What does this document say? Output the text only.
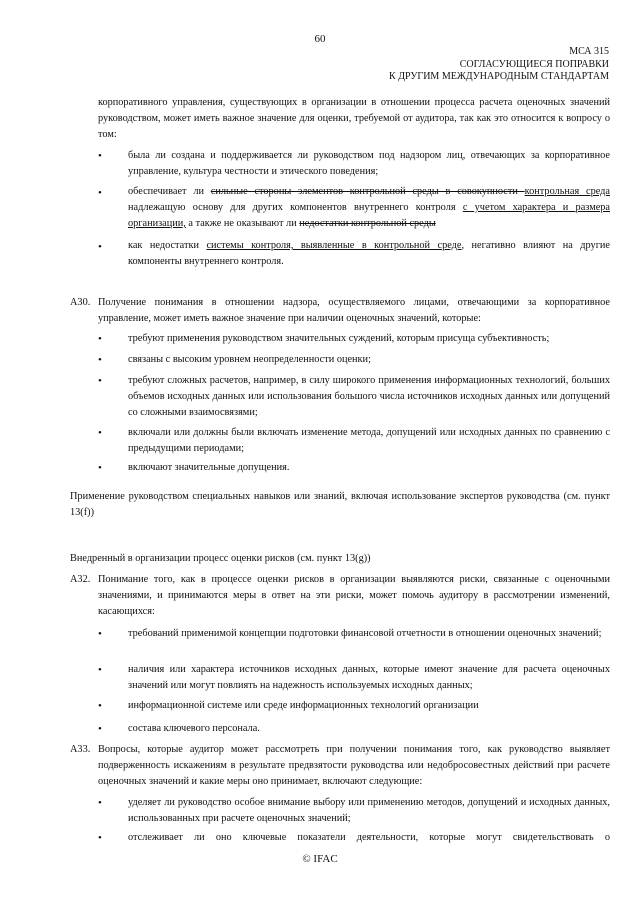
60
МСА 315
СОГЛАСУЮЩИЕСЯ ПОПРАВКИ
К ДРУГИМ МЕЖДУНАРОДНЫМ СТАНДАРТАМ
корпоративного управления, существующих в организации в отношении процесса расчета оценочных значений руководством, может иметь важное значение для оценки, требуемой от аудитора, так как это относится к вопросу о том:
•	была ли создана и поддерживается ли руководством под надзором лиц, отвечающих за корпоративное управление, культура честности и этического поведения;
•	обеспечивает ли сильные стороны элементов контрольной среды в совокупности контрольная среда надлежащую основу для других компонентов внутреннего контроля с учетом характера и размера организации, а также не оказывают ли недостатки контрольной среды
•	как недостатки системы контроля, выявленные в контрольной среде, негативно влияют на другие компоненты внутреннего контроля.
А30. Получение понимания в отношении надзора, осуществляемого лицами, отвечающими за корпоративное управление, может иметь важное значение при наличии оценочных значений, которые:
•	требуют применения руководством значительных суждений, которым присуща субъективность;
•	связаны с высоким уровнем неопределенности оценки;
•	требуют сложных расчетов, например, в силу широкого применения информационных технологий, больших объемов исходных данных или использования большого числа источников исходных данных или допущений со сложными взаимосвязями;
•	включали или должны были включать изменение метода, допущений или исходных данных по сравнению с предыдущими периодами;
•	включают значительные допущения.
Применение руководством специальных навыков или знаний, включая использование экспертов руководства (см. пункт 13(f))
Внедренный в организации процесс оценки рисков (см. пункт 13(g))
А32. Понимание того, как в процессе оценки рисков в организации выявляются риски, связанные с оценочными значениями, и принимаются меры в ответ на эти риски, может помочь аудитору в рассмотрении изменений, касающихся:
•	требований применимой концепции подготовки финансовой отчетности в отношении оценочных значений;
•	наличия или характера источников исходных данных, которые имеют значение для расчета оценочных значений или могут повлиять на надежность используемых исходных данных;
•	информационной системе или среде информационных технологий организации
•	состава ключевого персонала.
А33. Вопросы, которые аудитор может рассмотреть при получении понимания того, как руководство выявляет подверженность искажениям в результате предвзятости руководства или недобросовестных действий при расчете оценочных значений и какие меры оно принимает, включают следующие:
•	уделяет ли руководство особое внимание выбору или применению методов, допущений и исходных данных, использованных при расчете оценочных значений;
•	отслеживает ли оно ключевые показатели деятельности, которые могут свидетельствовать о
© IFAC
